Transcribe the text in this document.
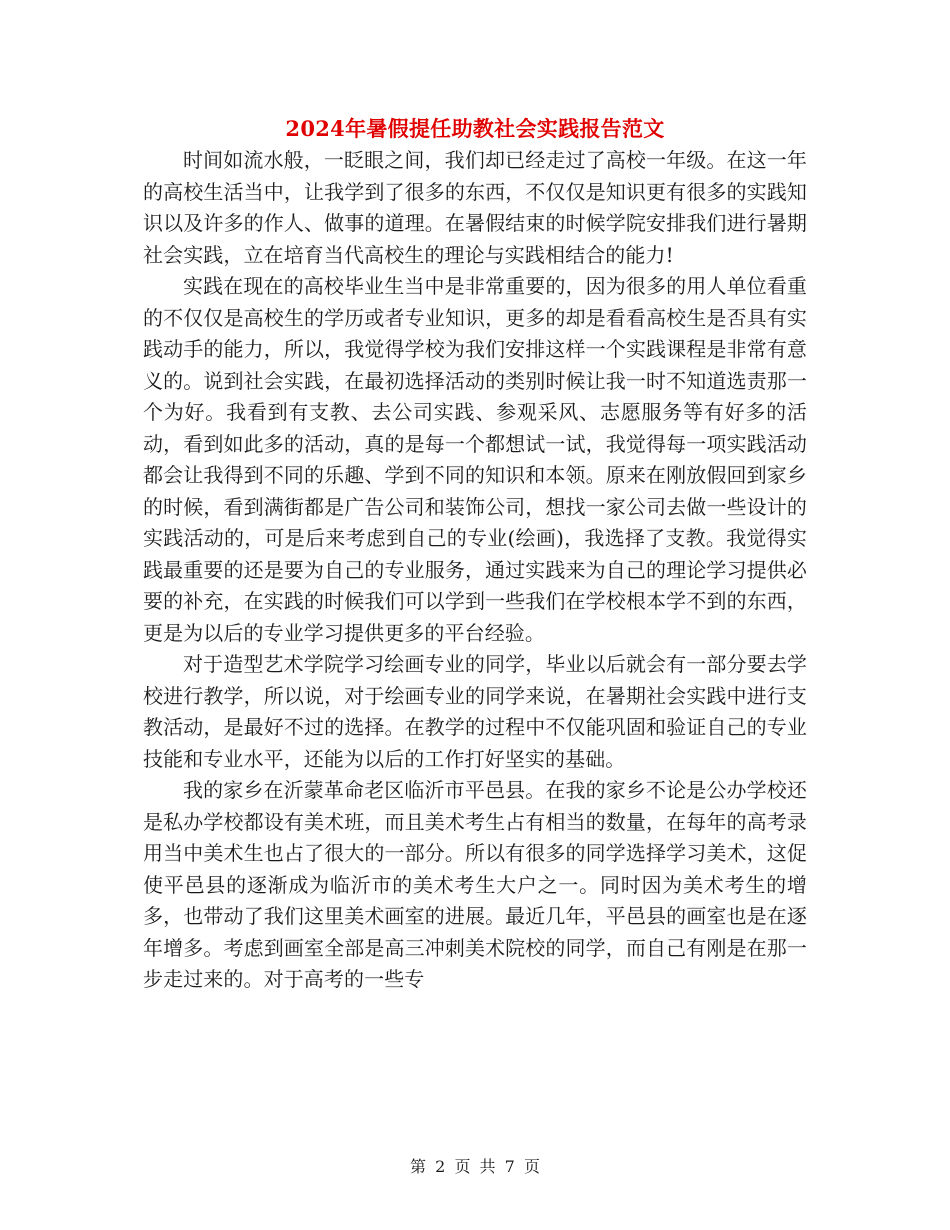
2024年暑假提任助教社会实践报告范文

时间如流水般，一眨眼之间，我们却已经走过了高校一年级。在这一年的高校生活当中，让我学到了很多的东西，不仅仅是知识更有很多的实践知识以及许多的作人、做事的道理。在暑假结束的时候学院安排我们进行暑期社会实践，立在培育当代高校生的理论与实践相结合的能力!

实践在现在的高校毕业生当中是非常重要的，因为很多的用人单位看重的不仅仅是高校生的学历或者专业知识，更多的却是看看高校生是否具有实践动手的能力，所以，我觉得学校为我们安排这样一个实践课程是非常有意义的。说到社会实践，在最初选择活动的类别时候让我一时不知道选责那一个为好。我看到有支教、去公司实践、参观采风、志愿服务等有好多的活动，看到如此多的活动，真的是每一个都想试一试，我觉得每一项实践活动都会让我得到不同的乐趣、学到不同的知识和本领。原来在刚放假回到家乡的时候，看到满街都是广告公司和装饰公司，想找一家公司去做一些设计的实践活动的，可是后来考虑到自己的专业(绘画)，我选择了支教。我觉得实践最重要的还是要为自己的专业服务，通过实践来为自己的理论学习提供必要的补充，在实践的时候我们可以学到一些我们在学校根本学不到的东西，更是为以后的专业学习提供更多的平台经验。

对于造型艺术学院学习绘画专业的同学，毕业以后就会有一部分要去学校进行教学，所以说，对于绘画专业的同学来说，在暑期社会实践中进行支教活动，是最好不过的选择。在教学的过程中不仅能巩固和验证自己的专业技能和专业水平，还能为以后的工作打好坚实的基础。

我的家乡在沂蒙革命老区临沂市平邑县。在我的家乡不论是公办学校还是私办学校都设有美术班，而且美术考生占有相当的数量，在每年的高考录用当中美术生也占了很大的一部分。所以有很多的同学选择学习美术，这促使平邑县的逐渐成为临沂市的美术考生大户之一。同时因为美术考生的增多，也带动了我们这里美术画室的进展。最近几年，平邑县的画室也是在逐年增多。考虑到画室全部是高三冲刺美术院校的同学，而自己有刚是在那一步走过来的。对于高考的一些专

第 2 页 共 7 页
